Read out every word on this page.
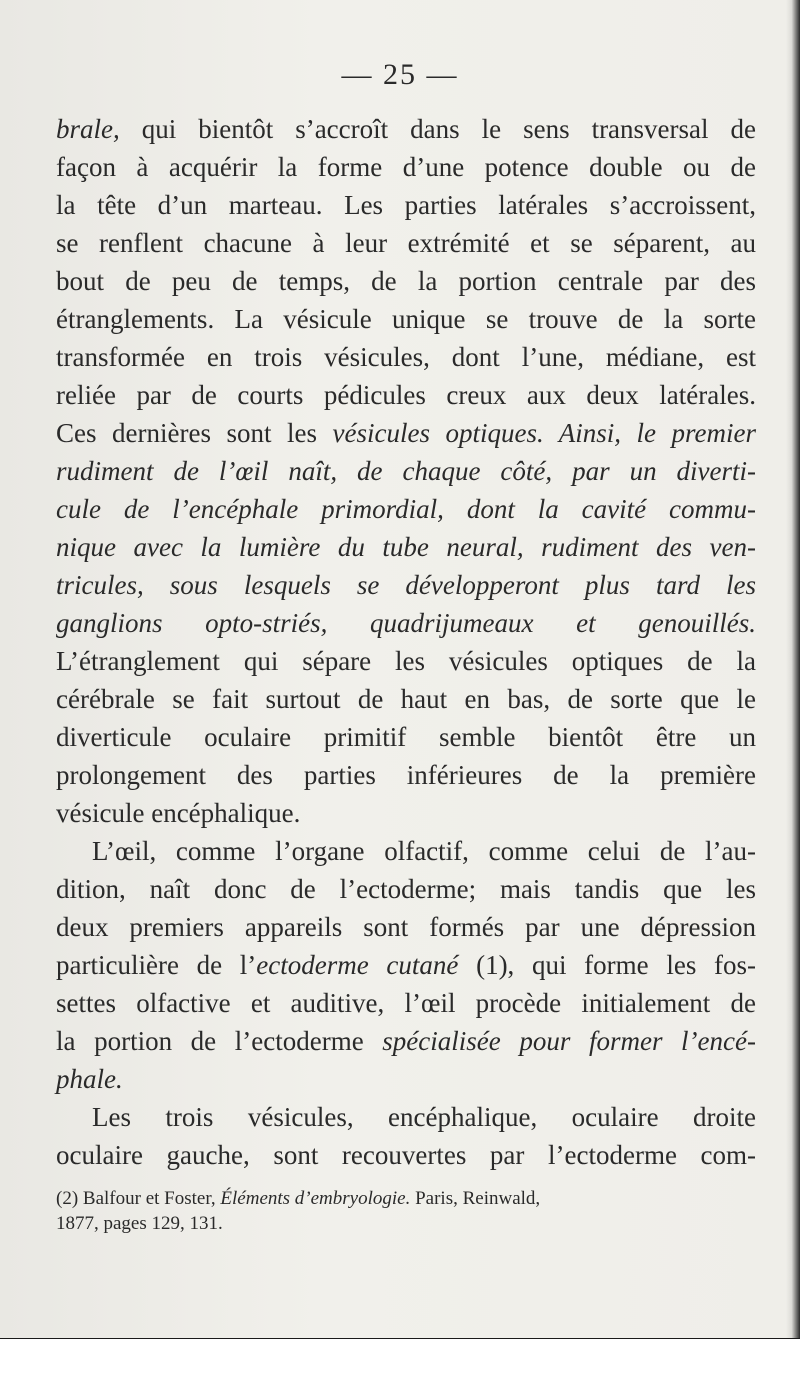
— 25 —
brale, qui bientôt s’accroît dans le sens transversal de
façon à acquérir la forme d’une potence double ou de
la tête d’un marteau. Les parties latérales s’accroissent,
se renflent chacune à leur extrémité et se séparent, au
bout de peu de temps, de la portion centrale par des
étranglements. La vésicule unique se trouve de la sorte
transformée en trois vésicules, dont l’une, médiane, est
reliée par de courts pédicules creux aux deux latérales.
Ces dernières sont les vésicules optiques. Ainsi, le premier
rudiment de l’œil naît, de chaque côté, par un diverti-
cule de l’encéphale primordial, dont la cavité commu-
nique avec la lumière du tube neural, rudiment des ven-
tricules, sous lesquels se développeront plus tard les
ganglions opto-striés, quadrijumeaux et genouillés.
L’étranglement qui sépare les vésicules optiques de la
cérébrale se fait surtout de haut en bas, de sorte que le
diverticule oculaire primitif semble bientôt être un
prolongement des parties inférieures de la première
vésicule encéphalique.
L’œil, comme l’organe olfactif, comme celui de l’au-
dition, naît donc de l’ectoderme; mais tandis que les
deux premiers appareils sont formés par une dépression
particulière de l’ectoderme cutané (1), qui forme les fos-
settes olfactive et auditive, l’œil procède initialement de
la portion de l’ectoderme spécialisée pour former l’encé-
phale.
Les trois vésicules, encéphalique, oculaire droite
oculaire gauche, sont recouvertes par l’ectoderme com-
(2) Balfour et Foster, Éléments d’embryologie. Paris, Reinwald,
1877, pages 129, 131.
